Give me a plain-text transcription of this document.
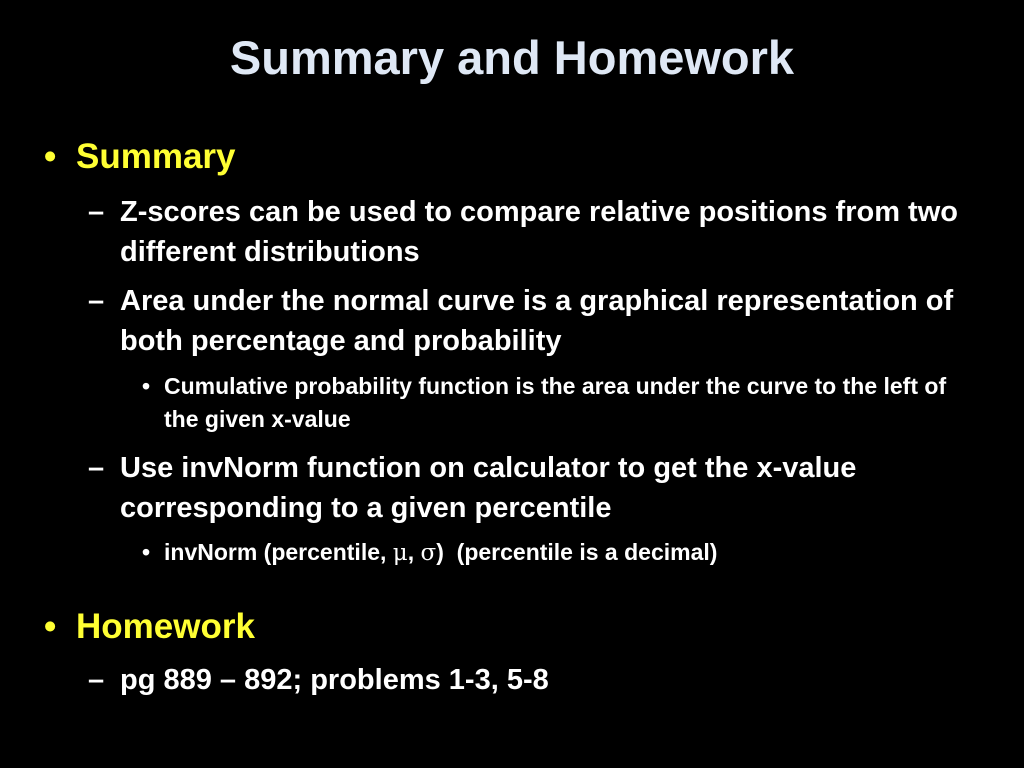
Summary and Homework
• Summary
– Z-scores can be used to compare relative positions from two different distributions
– Area under the normal curve is a graphical representation of both percentage and probability
• Cumulative probability function is the area under the curve to the left of the given x-value
– Use invNorm function on calculator to get the x-value corresponding to a given percentile
• invNorm (percentile, μ, σ)  (percentile is a decimal)
• Homework
– pg 889 – 892; problems 1-3, 5-8
